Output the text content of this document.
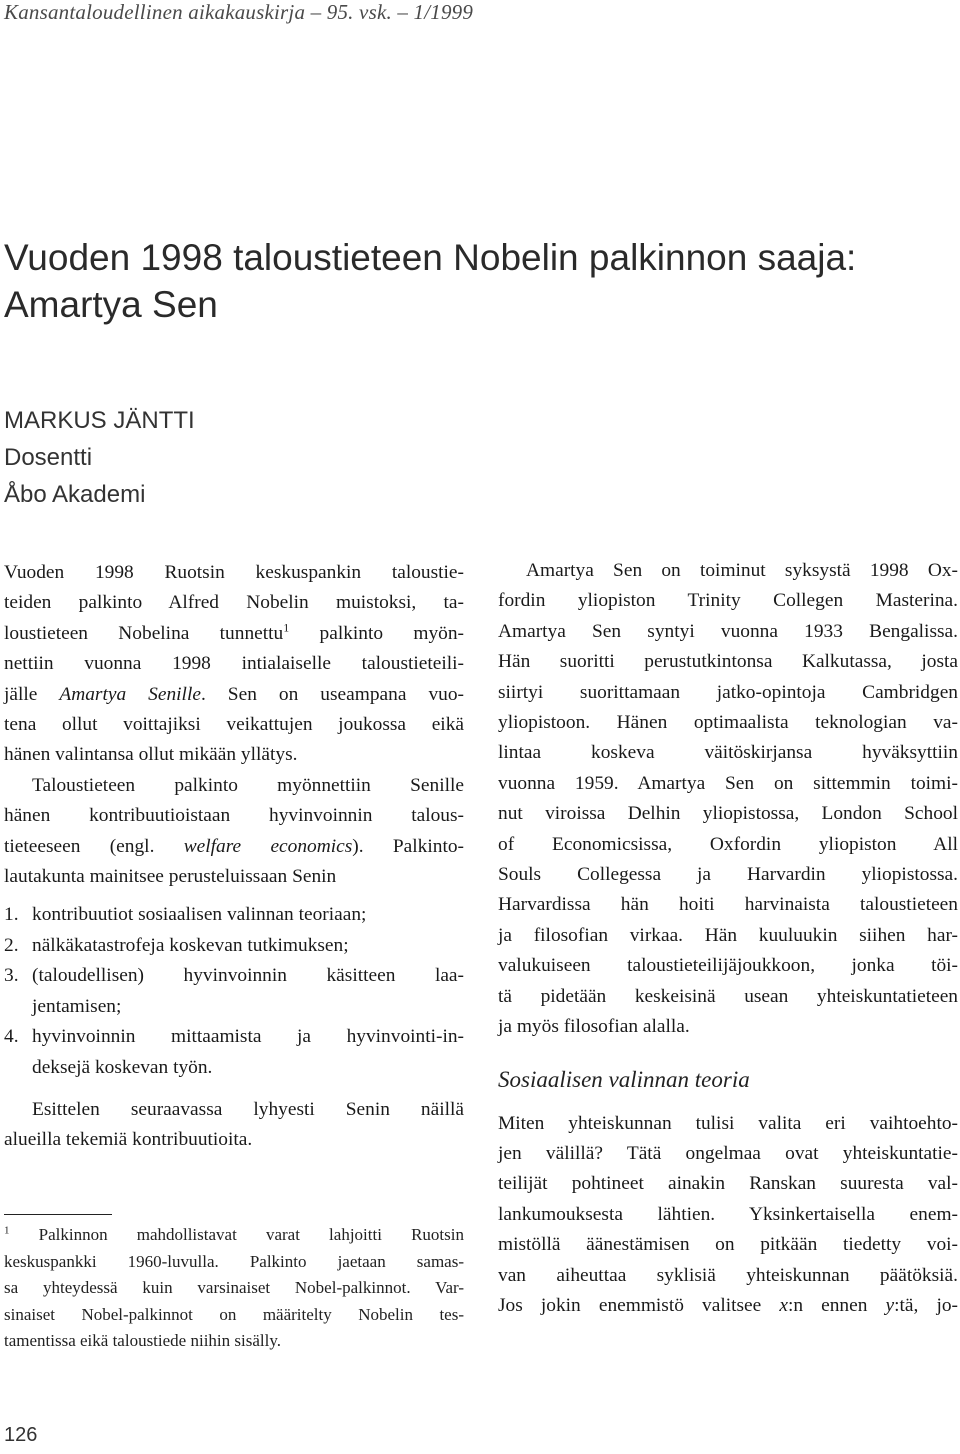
Kansantaloudellinen aikakauskirja – 95. vsk. – 1/1999
Vuoden 1998 taloustieteen Nobelin palkinnon saaja:
Amartya Sen
MARKUS JÄNTTI
Dosentti
Åbo Akademi

Vuoden 1998 Ruotsin keskuspankin taloustie-
teiden palkinto Alfred Nobelin muistoksi, ta-
loustieteen Nobelina tunnettu$^1$ palkinto myön-
nettiin vuonna 1998 intialaiselle taloustieteili-
jälle Amartya Senille. Sen on useampana vuo-
tena ollut voittajiksi veikattujen joukossa eikä
hänen valintansa ollut mikään yllätys.

Taloustieteen palkinto myönnettiin Senille
hänen kontribuutioistaan hyvinvoinnin talous-
tieteeseen (engl. welfare economics). Palkinto-
lautakunta mainitsee perusteluissaan Senin

1. kontribuutiot sosiaalisen valinnan teoriaan;
2. nälkäkatastrofeja koskevan tutkimuksen;
3. (taloudellisen) hyvinvoinnin käsitteen laa-
jentamisen;
4. hyvinvoinnin mittaamista ja hyvinvointi-in-
deksejä koskevan työn.

Esittelen seuraavassa lyhyesti Senin näillä
alueilla tekemiä kontribuutioita.

$^1$ Palkinnon mahdollistavat varat lahjoitti Ruotsin
keskuspankki 1960-luvulla. Palkinto jaetaan samas-
sa yhteydessä kuin varsinaiset Nobel-palkinnot. Var-
sinaiset Nobel-palkinnot on määritelty Nobelin tes-
tamentissa eikä taloustiede niihin sisälly.

Amartya Sen on toiminut syksystä 1998 Ox-
fordin yliopiston Trinity Collegen Masterina.
Amartya Sen syntyi vuonna 1933 Bengalissa.
Hän suoritti perustutkintonsa Kalkutassa, josta
siirtyi suorittamaan jatko-opintoja Cambridgen
yliopistoon. Hänen optimaalista teknologian va-
lintaa koskeva väitöskirjansa hyväksyttiin
vuonna 1959. Amartya Sen on sittemmin toimi-
nut viroissa Delhin yliopistossa, London School
of Economicsissa, Oxfordin yliopiston All
Souls Collegessa ja Harvardin yliopistossa.
Harvardissa hän hoiti harvinaista taloustieteen
ja filosofian virkaa. Hän kuuluukin siihen har-
valukuiseen taloustieteilijäjoukkoon, jonka töi-
tä pidetään keskeisinä usean yhteiskuntatieteen
ja myös filosofian alalla.

Sosiaalisen valinnan teoria

Miten yhteiskunnan tulisi valita eri vaihtoehto-
jen välillä? Tätä ongelmaa ovat yhteiskuntatie-
teilijät pohtineet ainakin Ranskan suuresta val-
lankumouksesta lähtien. Yksinkertaisella enem-
mistöllä äänestämisen on pitkään tiedetty voi-
van aiheuttaa syklisiä yhteiskunnan päätöksiä.
Jos jokin enemmistö valitsee x:n ennen y:tä, jo-

126
